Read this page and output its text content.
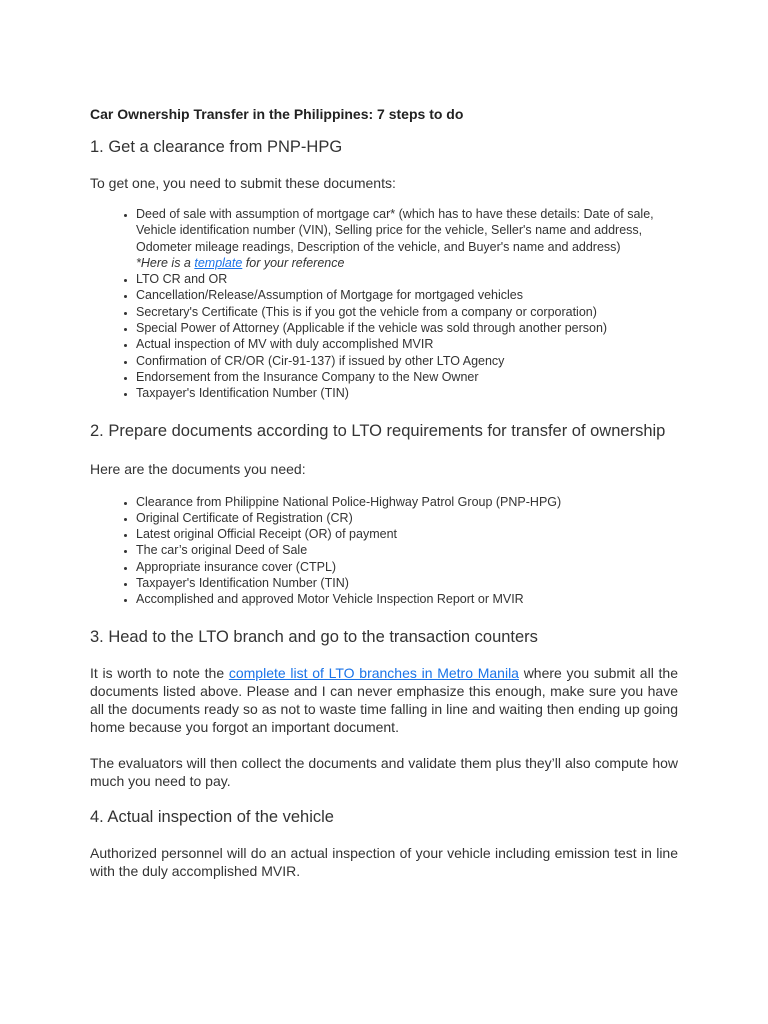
Car Ownership Transfer in the Philippines: 7 steps to do
1. Get a clearance from PNP-HPG

To get one, you need to submit these documents:

• Deed of sale with assumption of mortgage car* (which has to have these details: Date of sale, Vehicle identification number (VIN), Selling price for the vehicle, Seller's name and address, Odometer mileage readings, Description of the vehicle, and Buyer's name and address)
*Here is a template for your reference
• LTO CR and OR
• Cancellation/Release/Assumption of Mortgage for mortgaged vehicles
• Secretary's Certificate (This is if you got the vehicle from a company or corporation)
• Special Power of Attorney (Applicable if the vehicle was sold through another person)
• Actual inspection of MV with duly accomplished MVIR
• Confirmation of CR/OR (Cir-91-137) if issued by other LTO Agency
• Endorsement from the Insurance Company to the New Owner
• Taxpayer's Identification Number (TIN)
2. Prepare documents according to LTO requirements for transfer of ownership

Here are the documents you need:

• Clearance from Philippine National Police-Highway Patrol Group (PNP-HPG)
• Original Certificate of Registration (CR)
• Latest original Official Receipt (OR) of payment
• The car’s original Deed of Sale
• Appropriate insurance cover (CTPL)
• Taxpayer's Identification Number (TIN)
• Accomplished and approved Motor Vehicle Inspection Report or MVIR
3. Head to the LTO branch and go to the transaction counters

It is worth to note the complete list of LTO branches in Metro Manila where you submit all the documents listed above. Please and I can never emphasize this enough, make sure you have all the documents ready so as not to waste time falling in line and waiting then ending up going home because you forgot an important document.

The evaluators will then collect the documents and validate them plus they’ll also compute how much you need to pay.

4. Actual inspection of the vehicle

Authorized personnel will do an actual inspection of your vehicle including emission test in line with the duly accomplished MVIR.
